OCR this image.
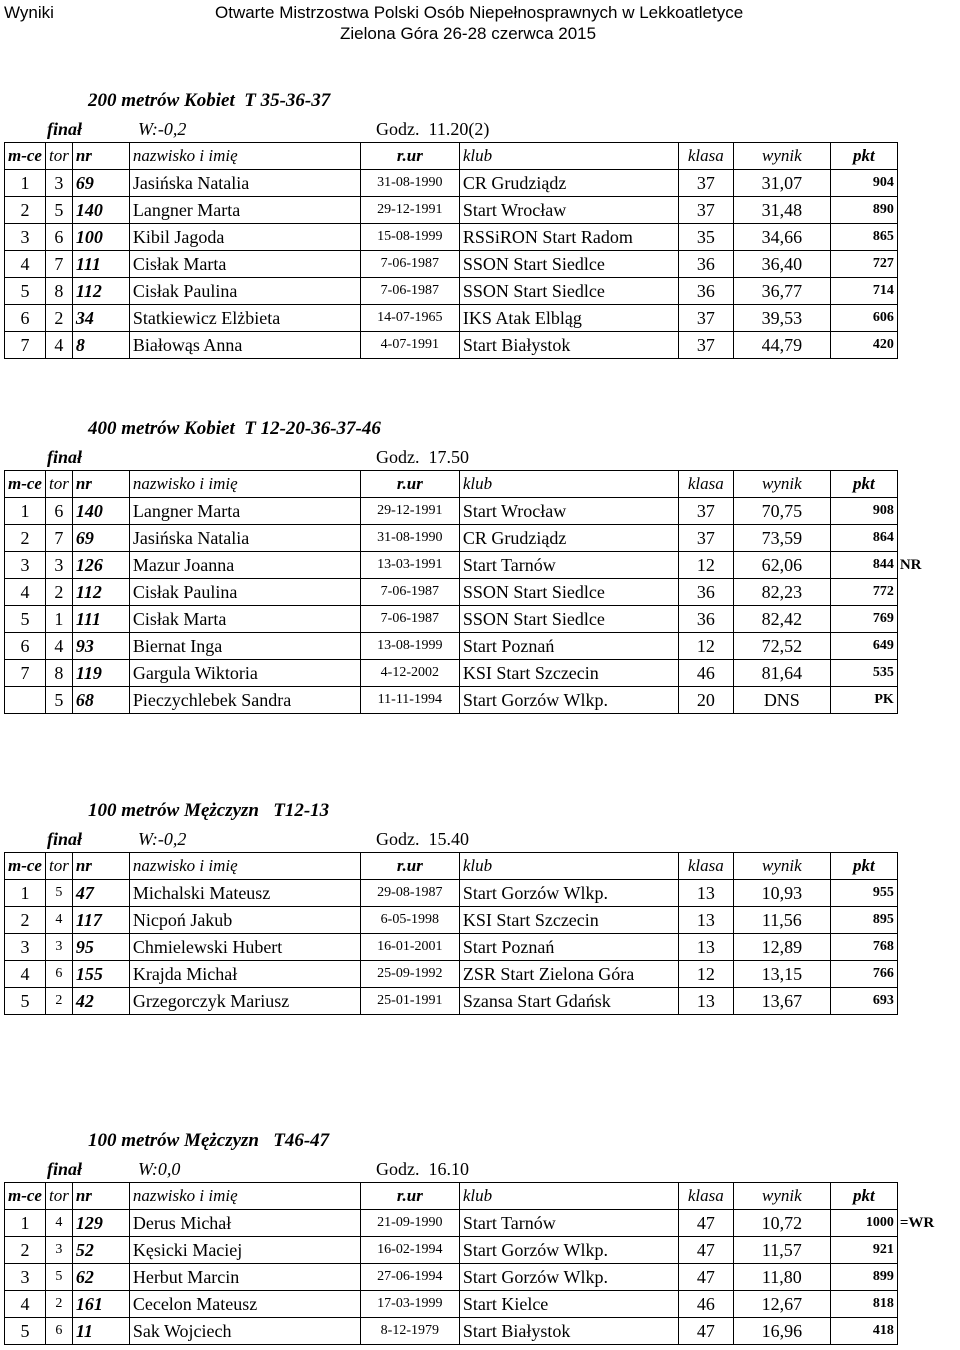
Wyniki	Otwarte Mistrzostwa Polski Osób Niepełnosprawnych w Lekkoatletyce
Zielona Góra 26-28 czerwca 2015
200 metrów Kobiet  T 35-36-37
finał	W:-0,2	Godz.  11.20(2)
m-ce	tor	nr	nazwisko i imię	r.ur	klub	klasa	wynik	pkt	
1	3	69	Jasińska Natalia	31-08-1990	CR Grudziądz	37	31,07	904	
2	5	140	Langner Marta	29-12-1991	Start Wrocław	37	31,48	890	
3	6	100	Kibil Jagoda	15-08-1999	RSSiRON Start Radom	35	34,66	865	
4	7	111	Cisłak Marta	7-06-1987	SSON Start Siedlce	36	36,40	727	
5	8	112	Cisłak Paulina	7-06-1987	SSON Start Siedlce	36	36,77	714	
6	2	34	Statkiewicz Elżbieta	14-07-1965	IKS Atak Elbląg	37	39,53	606	
7	4	8	Białowąs Anna	4-07-1991	Start Białystok	37	44,79	420	
400 metrów Kobiet  T 12-20-36-37-46
finał	Godz.  17.50
m-ce	tor	nr	nazwisko i imię	r.ur	klub	klasa	wynik	pkt	
1	6	140	Langner Marta	29-12-1991	Start Wrocław	37	70,75	908	
2	7	69	Jasińska Natalia	31-08-1990	CR Grudziądz	37	73,59	864	
3	3	126	Mazur Joanna	13-03-1991	Start Tarnów	12	62,06	844	NR
4	2	112	Cisłak Paulina	7-06-1987	SSON Start Siedlce	36	82,23	772	
5	1	111	Cisłak Marta	7-06-1987	SSON Start Siedlce	36	82,42	769	
6	4	93	Biernat Inga	13-08-1999	Start Poznań	12	72,52	649	
7	8	119	Gargula Wiktoria	4-12-2002	KSI Start Szczecin	46	81,64	535	
	5	68	Pieczychlebek Sandra	11-11-1994	Start Gorzów Wlkp.	20	DNS	PK	
100 metrów Mężczyzn   T12-13
finał	W:-0,2	Godz.  15.40
m-ce	tor	nr	nazwisko i imię	r.ur	klub	klasa	wynik	pkt	
1	5	47	Michalski Mateusz	29-08-1987	Start Gorzów Wlkp.	13	10,93	955	
2	4	117	Nicpoń Jakub	6-05-1998	KSI Start Szczecin	13	11,56	895	
3	3	95	Chmielewski Hubert	16-01-2001	Start Poznań	13	12,89	768	
4	6	155	Krajda Michał	25-09-1992	ZSR Start Zielona Góra	12	13,15	766	
5	2	42	Grzegorczyk Mariusz	25-01-1991	Szansa Start Gdańsk	13	13,67	693	
100 metrów Mężczyzn   T46-47
finał	W:0,0	Godz.  16.10
m-ce	tor	nr	nazwisko i imię	r.ur	klub	klasa	wynik	pkt	
1	4	129	Derus Michał	21-09-1990	Start Tarnów	47	10,72	1000	=WR
2	3	52	Kęsicki Maciej	16-02-1994	Start Gorzów Wlkp.	47	11,57	921	
3	5	62	Herbut Marcin	27-06-1994	Start Gorzów Wlkp.	47	11,80	899	
4	2	161	Cecelon Mateusz	17-03-1999	Start Kielce	46	12,67	818	
5	6	11	Sak Wojciech	8-12-1979	Start Białystok	47	16,96	418	
